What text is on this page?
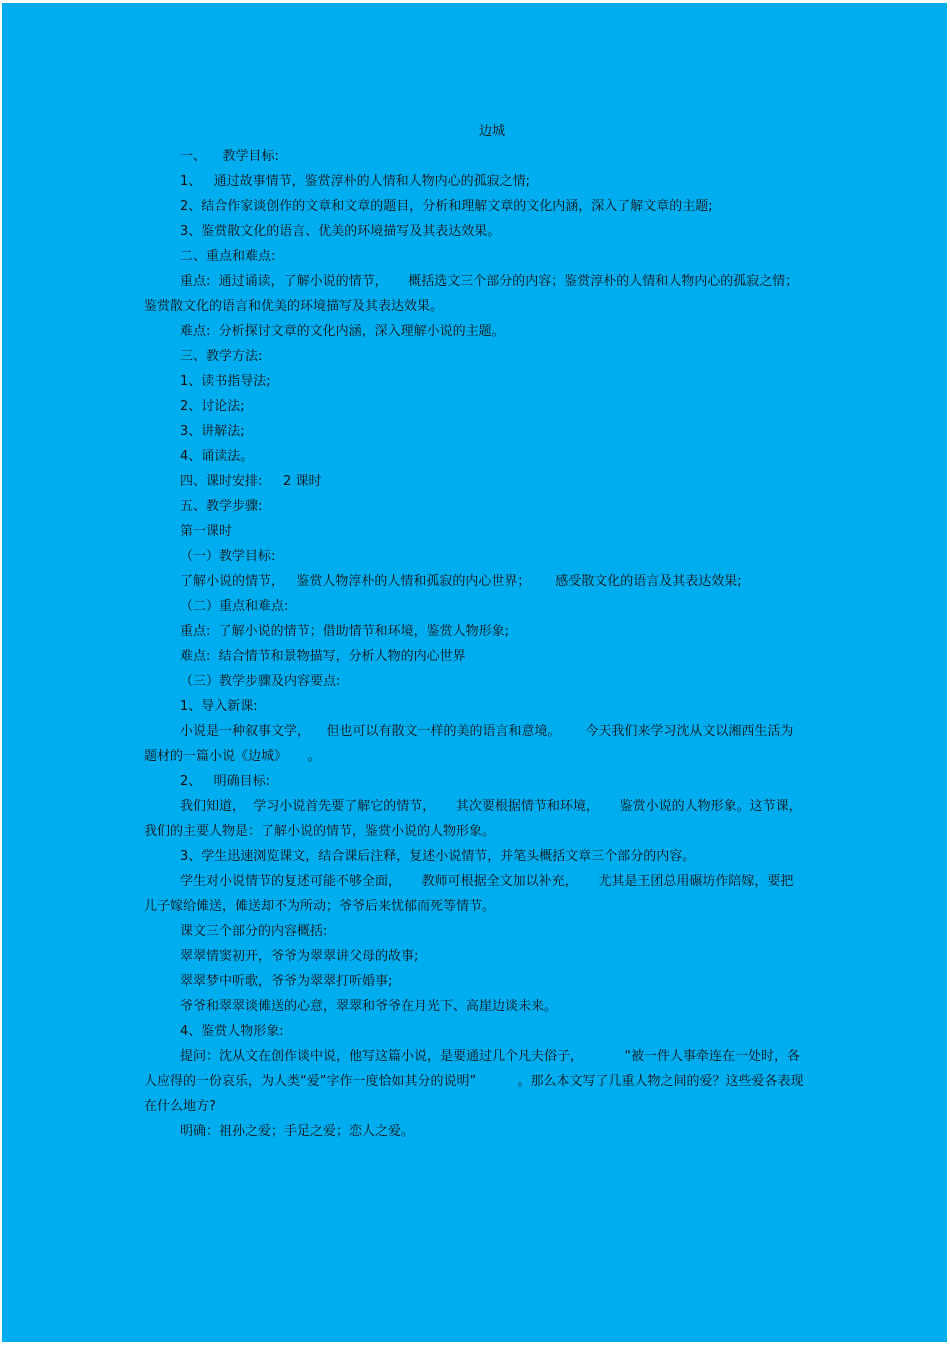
边城

一、    教学目标:

1、   通过故事情节，鉴赏淳朴的人情和人物内心的孤寂之情;

2、结合作家谈创作的文章和文章的题目，分析和理解文章的文化内涵，深入了解文章的主题;

3、鉴赏散文化的语言、优美的环境描写及其表达效果。

二、重点和难点:

重点:  通过诵读，了解小说的情节，     概括选文三个部分的内容；鉴赏淳朴的人情和人物内心的孤寂之情；鉴赏散文化的语言和优美的环境描写及其表达效果。

难点:  分析探讨文章的文化内涵，深入理解小说的主题。

三、教学方法:

1、读书指导法;

2、讨论法;

3、讲解法;

4、诵读法。

四、课时安排:     2 课时

五、教学步骤:

第一课时

（一）教学目标:

了解小说的情节，   鉴赏人物淳朴的人情和孤寂的内心世界；      感受散文化的语言及其表达效果;

（二）重点和难点:

重点:  了解小说的情节；借助情节和环境，鉴赏人物形象;

难点:  结合情节和景物描写，分析人物的内心世界

（三）教学步骤及内容要点:

1、导入新课:

小说是一种叙事文学，    但也可以有散文一样的美的语言和意境。      今天我们来学习沈从文以湘西生活为题材的一篇小说《边城》     。

2、   明确目标:

我们知道，  学习小说首先要了解它的情节，     其次要根据情节和环境，     鉴赏小说的人物形象。这节课，我们的主要人物是：了解小说的情节，鉴赏小说的人物形象。

3、学生迅速浏览课文，结合课后注释，复述小说情节，并笔头概括文章三个部分的内容。

学生对小说情节的复述可能不够全面，     教师可根据全文加以补充，     尤其是王团总用碾坊作陪嫁，要把儿子嫁给傩送，傩送却不为所动；爷爷后来忧郁而死等情节。

课文三个部分的内容概括:

翠翠情窦初开，爷爷为翠翠讲父母的故事;

翠翠梦中听歌，爷爷为翠翠打听婚事;

爷爷和翠翠谈傩送的心意，翠翠和爷爷在月光下、高崖边谈未来。

4、鉴赏人物形象:

提问：沈从文在创作谈中说，他写这篇小说，是要通过几个凡夫俗子，          “被一件人事牵连在一处时，各人应得的一份哀乐，为人类“爱”字作一度恰如其分的说明”          。那么本文写了几重人物之间的爱？这些爱各表现在什么地方?

明确：祖孙之爱；手足之爱；恋人之爱。
